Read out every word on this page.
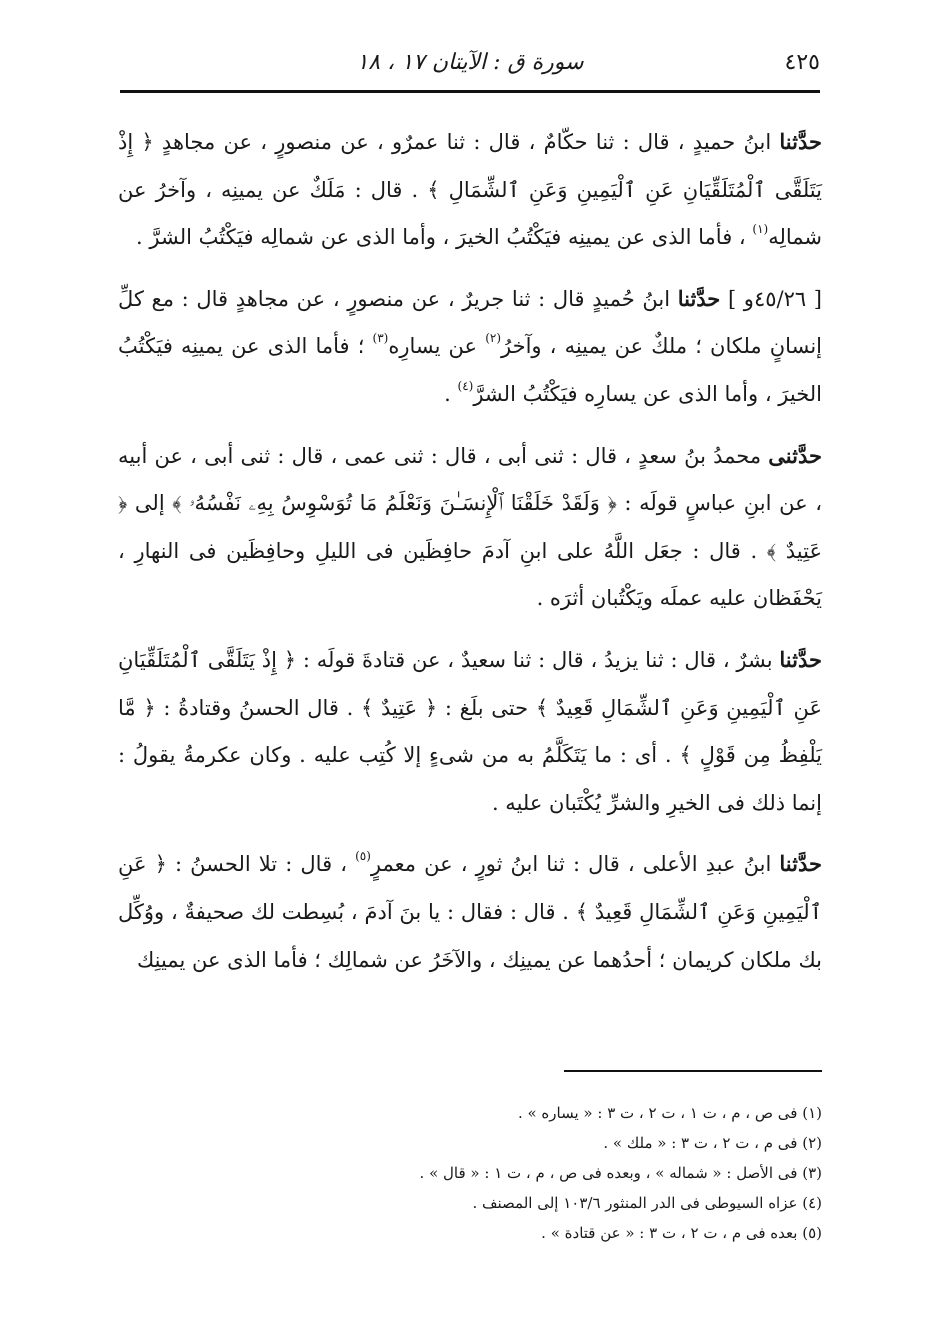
سورة ق : الآيتان ١٧ ، ١٨	٤٢٥

حدَّثنا ابنُ حميدٍ ، قال : ثنا حكّامٌ ، قال : ثنا عمرٌو ، عن منصورٍ ، عن مجاهدٍ ﴿ إِذْ يَتَلَقَّى ٱلْمُتَلَقِّيَانِ عَنِ ٱلْيَمِينِ وَعَنِ ٱلشِّمَالِ ﴾ . قال : مَلَكٌ عن يمينِه ، وآخرُ عن شمالِه$^{(١)}$ ، فأما الذى عن يمينِه فيَكْتُبُ الخيرَ ، وأما الذى عن شمالِه فيَكْتُبُ الشرَّ .

[ ٤٥/٢٦و ] حدَّثنا ابنُ حُميدٍ قال : ثنا جريرٌ ، عن منصورٍ ، عن مجاهدٍ قال : مع كلِّ إنسانٍ ملكان ؛ ملكٌ عن يمينِه ، وآخرُ$^{(٢)}$ عن يسارِه$^{(٣)}$ ؛ فأما الذى عن يمينِه فيَكْتُبُ الخيرَ ، وأما الذى عن يسارِه فيَكْتُبُ الشرَّ$^{(٤)}$ .

حدَّثنى محمدُ بنُ سعدٍ ، قال : ثنى أبى ، قال : ثنى عمى ، قال : ثنى أبى ، عن أبيه ، عن ابنِ عباسٍ قولَه : ﴿ وَلَقَدْ خَلَقْنَا ٱلْإِنسَـٰنَ وَنَعْلَمُ مَا تُوَسْوِسُ بِهِۦ نَفْسُهُۥ ﴾ إلى ﴿ عَتِيدٌ ﴾ . قال : جعَل اللَّهُ على ابنِ آدمَ حافِظَين فى الليلِ وحافِظَين فى النهارِ ، يَحْفَظان عليه عملَه ويَكْتُبان أثرَه .

حدَّثنا بشرٌ ، قال : ثنا يزيدُ ، قال : ثنا سعيدٌ ، عن قتادةَ قولَه : ﴿ إِذْ يَتَلَقَّى ٱلْمُتَلَقِّيَانِ عَنِ ٱلْيَمِينِ وَعَنِ ٱلشِّمَالِ قَعِيدٌ ﴾ حتى بلَغ : ﴿ عَتِيدٌ ﴾ . قال الحسنُ وقتادةُ : ﴿ مَّا يَلْفِظُ مِن قَوْلٍ ﴾ . أى : ما يَتَكَلَّمُ به من شىءٍ إلا كُتِب عليه . وكان عكرمةُ يقولُ : إنما ذلك فى الخيرِ والشرِّ يُكْتَبان عليه .

حدَّثنا ابنُ عبدِ الأعلى ، قال : ثنا ابنُ ثورٍ ، عن معمرٍ$^{(٥)}$ ، قال : تلا الحسنُ : ﴿ عَنِ ٱلْيَمِينِ وَعَنِ ٱلشِّمَالِ قَعِيدٌ ﴾ . قال : فقال : يا بنَ آدمَ ، بُسِطت لك صحيفةٌ ، ووُكِّل بك ملكان كريمان ؛ أحدُهما عن يمينِك ، والآخَرُ عن شمالِك ؛ فأما الذى عن يمينِك

(١) فى ص ، م ، ت ١ ، ت ٢ ، ت ٣ : « يساره » .
(٢) فى م ، ت ٢ ، ت ٣ : « ملك » .
(٣) فى الأصل : « شماله » ، وبعده فى ص ، م ، ت ١ : « قال » .
(٤) عزاه السيوطى فى الدر المنثور ١٠٣/٦ إلى المصنف .
(٥) بعده فى م ، ت ٢ ، ت ٣ : « عن قتادة » .
